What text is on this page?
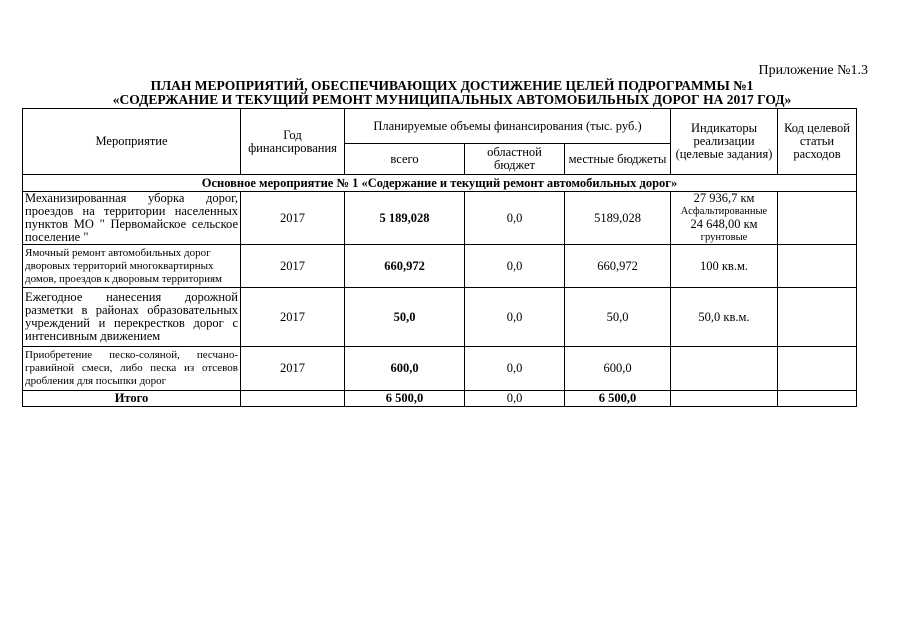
Приложение №1.3
ПЛАН МЕРОПРИЯТИЙ, ОБЕСПЕЧИВАЮЩИХ ДОСТИЖЕНИЕ ЦЕЛЕЙ ПОДРОГРАММЫ №1
«СОДЕРЖАНИЕ И ТЕКУЩИЙ РЕМОНТ МУНИЦИПАЛЬНЫХ АВТОМОБИЛЬНЫХ ДОРОГ НА 2017 ГОД»
Мероприятие	Год финансирования	Планируемые объемы финансирования (тыс. руб.)			Индикаторы реализации (целевые задания)	Код целевой статьи расходов
		всего	областной бюджет	местные бюджеты		
Основное мероприятие № 1 «Содержание и текущий ремонт автомобильных дорог»						
Механизированная уборка дорог, проездов на территории населенных пунктов МО " Первомайское сельское поселение "	2017	5 189,028	0,0	5189,028	27 936,7 км
Асфальтированные
24 648,00 км
грунтовые	

Ямочный ремонт автомобильных дорог дворовых территорий многоквартирных домов, проездов к дворовым территориям	2017	660,972	0,0	660,972	100 кв.м.	
Ежегодное нанесения дорожной разметки в районах образовательных учреждений и перекрестков дорог с интенсивным движением	2017	50,0	0,0	50,0	50,0 кв.м.	
Приобретение песко-соляной, песчано-гравийной смеси, либо песка из отсевов дробления для посыпки дорог	2017	600,0	0,0	600,0		
Итого		6 500,0	0,0	6 500,0		
